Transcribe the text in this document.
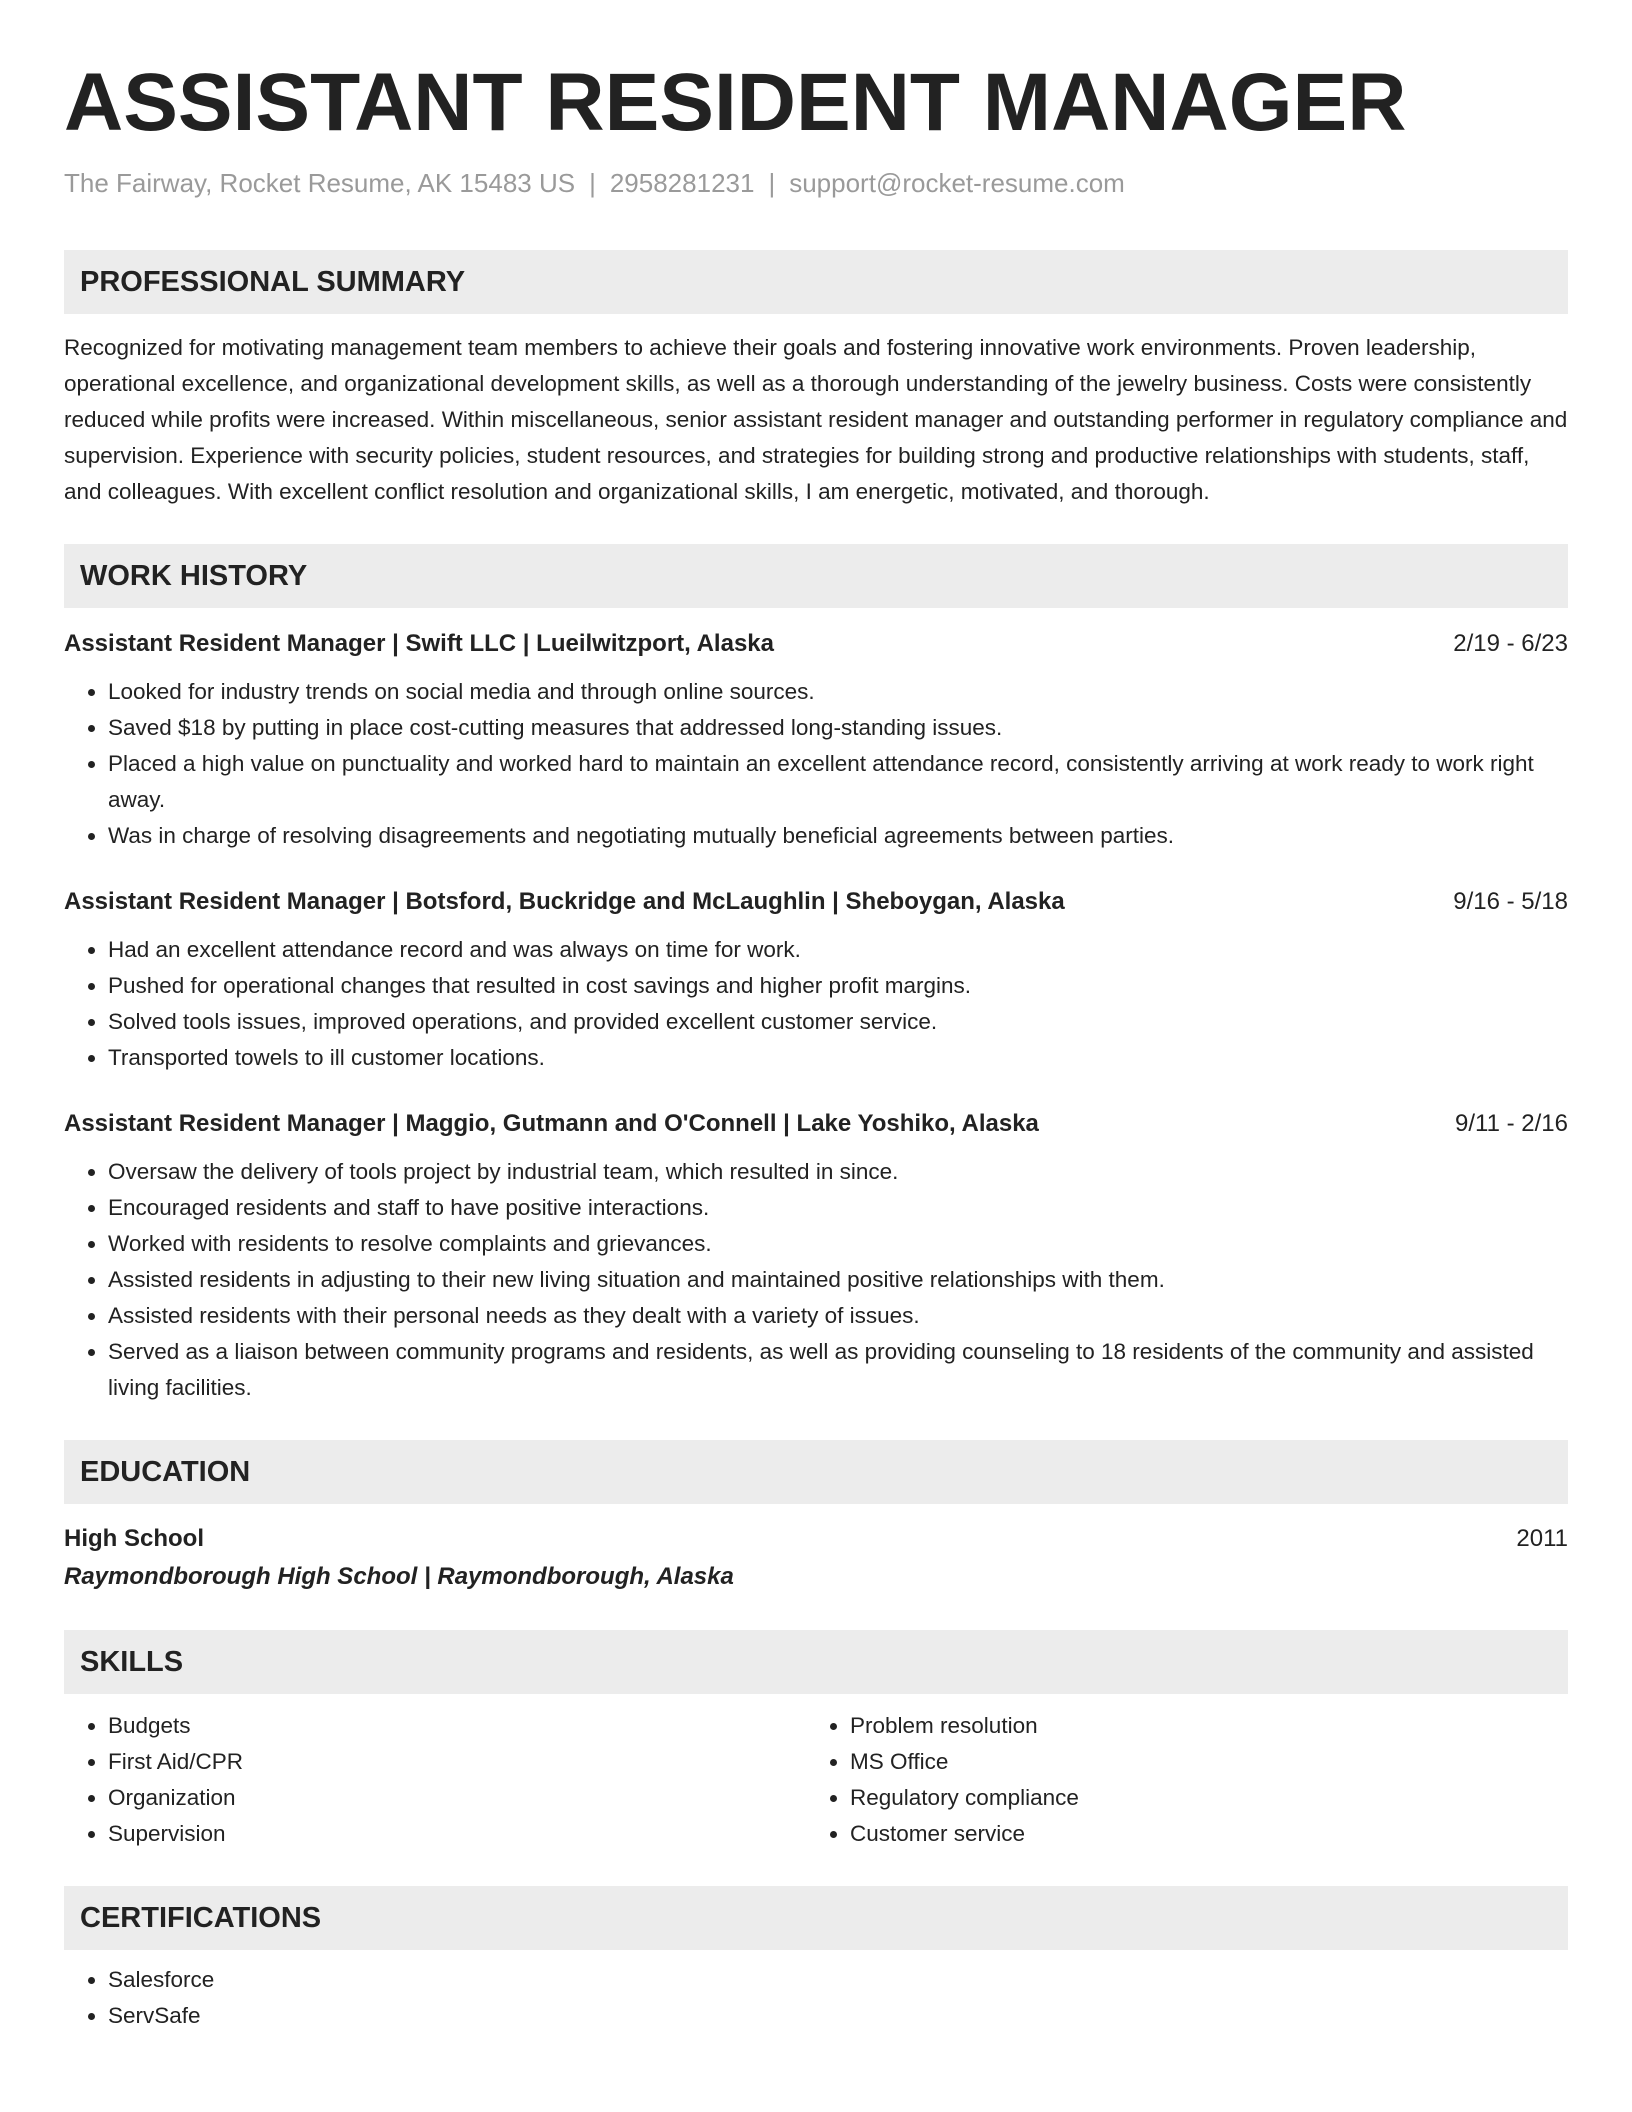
ASSISTANT RESIDENT MANAGER
The Fairway, Rocket Resume, AK 15483 US | 2958281231 | support@rocket-resume.com
PROFESSIONAL SUMMARY

Recognized for motivating management team members to achieve their goals and fostering innovative work environments. Proven leadership, operational excellence, and organizational development skills, as well as a thorough understanding of the jewelry business. Costs were consistently reduced while profits were increased. Within miscellaneous, senior assistant resident manager and outstanding performer in regulatory compliance and supervision. Experience with security policies, student resources, and strategies for building strong and productive relationships with students, staff, and colleagues. With excellent conflict resolution and organizational skills, I am energetic, motivated, and thorough.

WORK HISTORY
Assistant Resident Manager | Swift LLC | Lueilwitzport, Alaska	2/19 - 6/23
• Looked for industry trends on social media and through online sources.
• Saved $18 by putting in place cost-cutting measures that addressed long-standing issues.
• Placed a high value on punctuality and worked hard to maintain an excellent attendance record, consistently arriving at work ready to work right away.
• Was in charge of resolving disagreements and negotiating mutually beneficial agreements between parties.
Assistant Resident Manager | Botsford, Buckridge and McLaughlin | Sheboygan, Alaska	9/16 - 5/18
• Had an excellent attendance record and was always on time for work.
• Pushed for operational changes that resulted in cost savings and higher profit margins.
• Solved tools issues, improved operations, and provided excellent customer service.
• Transported towels to ill customer locations.
Assistant Resident Manager | Maggio, Gutmann and O'Connell | Lake Yoshiko, Alaska	9/11 - 2/16
• Oversaw the delivery of tools project by industrial team, which resulted in since.
• Encouraged residents and staff to have positive interactions.
• Worked with residents to resolve complaints and grievances.
• Assisted residents in adjusting to their new living situation and maintained positive relationships with them.
• Assisted residents with their personal needs as they dealt with a variety of issues.
• Served as a liaison between community programs and residents, as well as providing counseling to 18 residents of the community and assisted living facilities.
EDUCATION
High School	2011
Raymondborough High School | Raymondborough, Alaska
SKILLS
• Budgets
• First Aid/CPR
• Organization
• Supervision
• Problem resolution
• MS Office
• Regulatory compliance
• Customer service
CERTIFICATIONS
• Salesforce
• ServSafe
